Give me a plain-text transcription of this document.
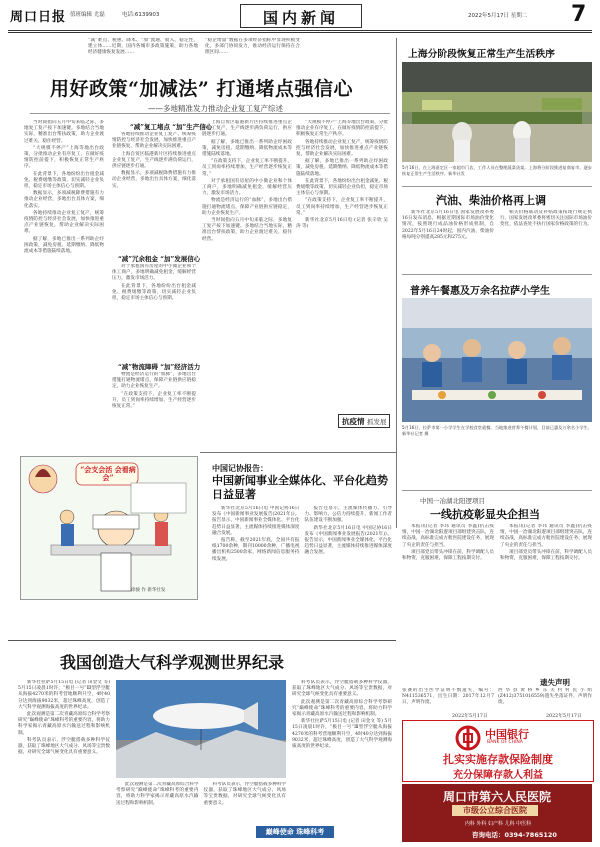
周口日报 值班编辑 尤磊	电话:6139903	国内新闻	2022年5月17日 星期二 7
“减”难点、税惠、降本、“加”流通、收入、稳定性、建立体……近期，国内各城市多政策施策，助力各地经济健康恢复发展……
“稳企增量”数据在多项经济指标中显现积极变化，多部门协同发力，推动经济运行保持在合理区间……
用好政策“加减法” 打通堵点强信心
——多地精准发力推动企业复工复产综述

当时间指向五月中旬来临之际，多地复工复产按下加速键。多地结合当地实际，精准出台帮扶政策，助力企业渡过难关、稳住经营。

“大规模不停产”上海等地出台政策，分批推动企业有序复工，在做好疫情防控前提下，积极恢复正常生产秩序。

在此背景下，各地纷纷出台租金减免、税费缓缴等政策，切实减轻企业负担，稳定市场主体信心与预期。

数据显示，多项减税降费措施有力推动企业经营，多地出台具体方案，细化落实。

各地持续推动企业复工复产，统筹疫情防控与经济社会发展，加快推进重点产业链恢复，帮助企业解决实际困难。

据了解，多地已推出一系列助企纾困政策，减免房租、延期缴纳、降低物流成本等措施陆续落地。

“减”复工堵点 “加”生产信心

各地持续推动企业复工复产，统筹疫情防控与经济社会发展，加快推进重点产业链恢复，帮助企业解决实际困难。

上海自贸区临港新片区持续推进重点企业复工复产，生产线逐步满负荷运行，供应链逐步打通。

数据显示，多项减税降费措施有力推动企业经营，多地出台具体方案，细化落实。

“减”冗余租金 “加”发展信心

对于承租国有房屋的中小微企业和个体工商户，多地明确减免租金，缓解经营压力，激发市场活力。

在此背景下，各地纷纷出台租金减免、税费缓缴等政策，切实减轻企业负担，稳定市场主体信心与预期。

“减”物流障碍 “加”经济活力

物流是经济运行的“血脉”，多地出台措施打通物流堵点，保障产业链供应链稳定，助力企业恢复生产。

“在政策支持下，企业复工率不断提升，员工到岗率持续增加，生产经营逐步恢复正常。”

上海自贸区临港新片区持续推进重点企业复工复产，生产线逐步满负荷运行，供应链逐步打通。

据了解，多地已推出一系列助企纾困政策，减免房租、延期缴纳、降低物流成本等措施陆续落地。

“在政策支持下，企业复工率不断提升，员工到岗率持续增加，生产经营逐步恢复正常。”

对于承租国有房屋的中小微企业和个体工商户，多地明确减免租金，缓解经营压力，激发市场活力。

物流是经济运行的“血脉”，多地出台措施打通物流堵点，保障产业链供应链稳定，助力企业恢复生产。

当时间指向五月中旬来临之际，多地复工复产按下加速键。多地结合当地实际，精准出台帮扶政策，助力企业渡过难关、稳住经营。

“大规模不停产”上海等地出台政策，分批推动企业有序复工，在做好疫情防控前提下，积极恢复正常生产秩序。

各地持续推动企业复工复产，统筹疫情防控与经济社会发展，加快推进重点产业链恢复，帮助企业解决实际困难。

据了解，多地已推出一系列助企纾困政策，减免房租、延期缴纳、降低物流成本等措施陆续落地。

在此背景下，各地纷纷出台租金减免、税费缓缴等政策，切实减轻企业负担，稳定市场主体信心与预期。

“在政策支持下，企业复工率不断提升，员工到岗率持续增加，生产经营逐步恢复正常。”

新华社北京5月16日电 (记者 张辛欣 吴涛 等)

抗疫情 抓发展
“会支会活 会看病会”
徐骏 作 新华社发
中国记协报告：
中国新闻事业全媒体化、平台化趋势日益显著

新华社北京5月16日电 中国记协16日发布《中国新闻事业发展报告(2021年)》。报告显示，中国新闻事业全媒体化、平台化趋势日益显著，主流媒体持续推进媒体深度融合发展。

报告称，截至2021年底，全国共有报纸1700余种，期刊10000余种，广播电视播出机构2500余家，网络新闻信息服务持续发展。

报告还显示，主流媒体传播力、引导力、影响力、公信力持续提升，新闻工作者队伍建设不断加强。

新华社北京5月16日电 中国记协16日发布《中国新闻事业发展报告(2021年)》。报告显示，中国新闻事业全媒体化、平台化趋势日益显著，主流媒体持续推进媒体深度融合发展。

上海分阶段恢复正常生产生活秩序
5月16日，在上海嘉定区一家超市门店，工作人员在整理蔬菜货架。上海将分阶段推进复商复市，逐步恢复正常生产生活秩序。新华社发
汽油、柴油价格再上调

新华社北京5月16日电 国家发展改革委16日发布消息，根据近期国际市场油价变化情况，按照现行成品油价格形成机制，自2022年5月16日24时起，国内汽油、柴油价格每吨分别提高285元和275元。

相关价格联动及补贴政策按现行规定执行。国家发展改革委将密切关注国际市场油价变化，依法查处不执行国家价格政策的行为。

普养午餐惠及万余名拉萨小学生
5月16日，拉萨市第一小学学生在学校食堂就餐。当地推进营养午餐计划，目前已惠及万余名小学生。新华社记者 摄
中国一冶湖北阳逻项目
一线抗疫彰显央企担当

本报讯(记者 李玮 通讯员 李鑫)抗击疫情，中国一冶湖北阳逻项目部组建突击队，连续奋战，高标准完成方舱医院建设任务，展现了央企的责任与担当。

项目部党员带头冲锋在前，科学调配人员和物资，克服困难，保障工程按期交付。

本报讯(记者 李玮 通讯员 李鑫)抗击疫情，中国一冶湖北阳逻项目部组建突击队，连续奋战，高标准完成方舱医院建设任务，展现了央企的责任与担当。

项目部党员带头冲锋在前，科学调配人员和物资，克服困难，保障工程按期交付。

遗失声明
张赛的出生医学证明不慎遗失，编号：N411536571，出生日期：2017年12月7日，声明作废。
西华县黄桥乡东关村村民小组(Z412)3751016559)遗失坐落证件，声明作废。
2022年5月17日	2022年5月17日
中国银行
BANK OF CHINA
扎实实施存款保险制度
充分保障存款人利益
周口市第六人民医院
市级公立综合医院
内科 外科 妇产科 儿科 中医科
咨询电话：0394-7865120
我国创造大气科学观测世界纪录

新华社拉萨5月15日电 (记者 田金文 等) 5月15日凌晨1时许，“极目一号”Ⅲ型浮空艇从海拔4270米的科考营地顺利升空，4时40分达到海拔9032米，超过珠峰高度，创造了大气科学观测海拔高度的世界纪录。

此次观测是第二次青藏高原综合科学考察研究“巅峰使命”珠峰科考的重要内容，将助力科学家揭示青藏高原水汽输送过程和影响机制。

科考队员表示，浮空艇搭载多种科学仪器，获取了珠峰地区大气成分、风场等宝贵数据，对研究全球气候变化具有重要意义。

巅峰使命 珠峰科考

此次观测是第二次青藏高原综合科学考察研究“巅峰使命”珠峰科考的重要内容，将助力科学家揭示青藏高原水汽输送过程和影响机制。

科考队员表示，浮空艇搭载多种科学仪器，获取了珠峰地区大气成分、风场等宝贵数据，对研究全球气候变化具有重要意义。

科考队员表示，浮空艇搭载多种科学仪器，获取了珠峰地区大气成分、风场等宝贵数据，对研究全球气候变化具有重要意义。

此次观测是第二次青藏高原综合科学考察研究“巅峰使命”珠峰科考的重要内容，将助力科学家揭示青藏高原水汽输送过程和影响机制。

新华社拉萨5月15日电 (记者 田金文 等) 5月15日凌晨1时许，“极目一号”Ⅲ型浮空艇从海拔4270米的科考营地顺利升空，4时40分达到海拔9032米，超过珠峰高度，创造了大气科学观测海拔高度的世界纪录。
